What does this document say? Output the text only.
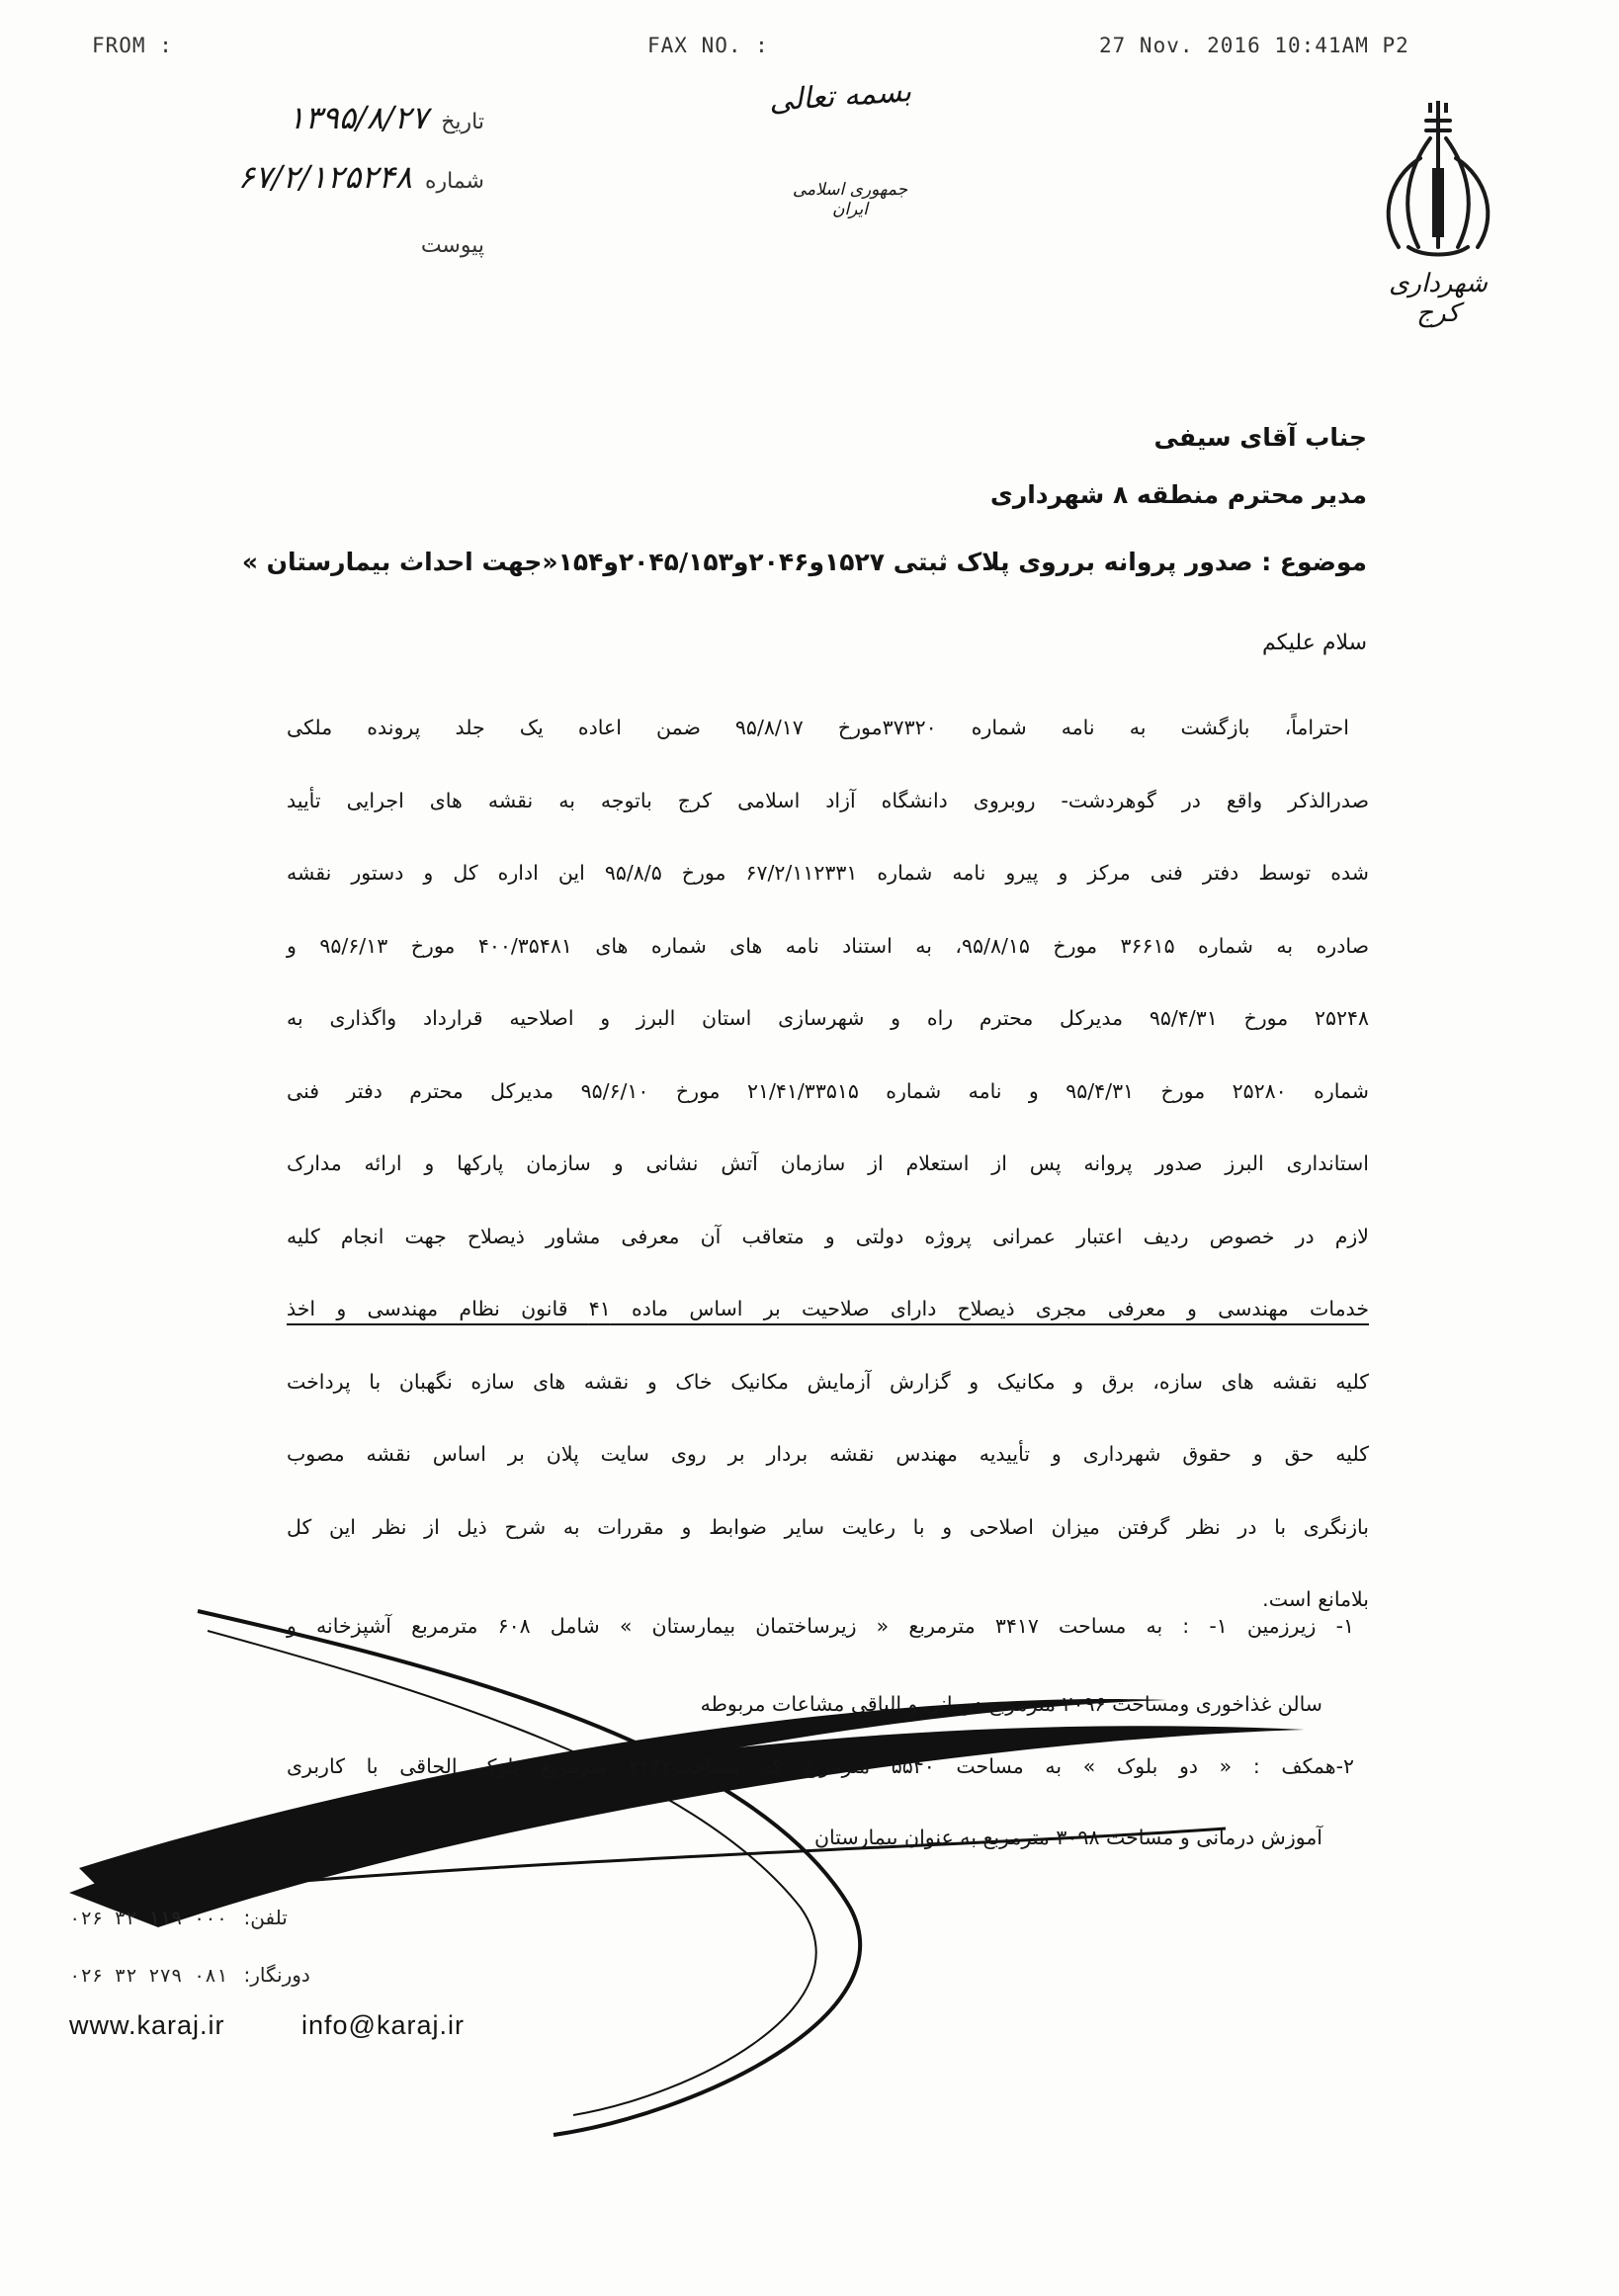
FROM :	FAX NO. :	27 Nov. 2016 10:41AM P2
تاریخ ۱۳۹۵/۸/۲۷
شماره ۶۷/۲/۱۲۵۲۴۸
پیوست
بسمه تعالی
جمهوری اسلامی ایران
شهرداری کرج
جناب آقای سیفی
مدیر محترم منطقه ۸ شهرداری
موضوع : صدور پروانه برروی پلاک ثبتی ۱۵۲۷و۲۰۴۶و۲۰۴۵/۱۵۳و۱۵۴«جهت احداث بیمارستان »
سلام علیکم

احتراماً، بازگشت به نامه شماره ۳۷۳۲۰مورخ ۹۵/۸/۱۷ ضمن اعاده یک جلد پرونده ملکی

صدرالذکر واقع در گوهردشت- روبروی دانشگاه آزاد اسلامی کرج باتوجه به نقشه های اجرایی تأیید

شده توسط دفتر فنی مرکز و پیرو نامه شماره ۶۷/۲/۱۱۲۳۳۱ مورخ ۹۵/۸/۵ این اداره کل و دستور نقشه

صادره به شماره ۳۶۶۱۵ مورخ ۹۵/۸/۱۵، به استناد نامه های شماره های ۴۰۰/۳۵۴۸۱ مورخ ۹۵/۶/۱۳ و

۲۵۲۴۸ مورخ ۹۵/۴/۳۱ مدیرکل محترم راه و شهرسازی استان البرز و اصلاحیه قرارداد واگذاری به

شماره ۲۵۲۸۰ مورخ ۹۵/۴/۳۱ و نامه شماره ۲۱/۴۱/۳۳۵۱۵ مورخ ۹۵/۶/۱۰ مدیرکل محترم دفتر فنی

استانداری البرز صدور پروانه پس از استعلام از سازمان آتش نشانی و سازمان پارکها و ارائه مدارک

لازم در خصوص ردیف اعتبار عمرانی پروژه دولتی و متعاقب آن معرفی مشاور ذیصلاح جهت انجام کلیه

خدمات مهندسی و معرفی مجری ذیصلاح دارای صلاحیت بر اساس ماده ۴۱ قانون نظام مهندسی و اخذ

کلیه نقشه های سازه، برق و مکانیک و گزارش آزمایش مکانیک خاک و نقشه های سازه نگهبان با پرداخت

کلیه حق و حقوق شهرداری و تأییدیه مهندس نقشه بردار بر روی سایت پلان بر اساس نقشه مصوب

بازنگری با در نظر گرفتن میزان اصلاحی و با رعایت سایر ضوابط و مقررات به شرح ذیل از نظر این کل

بلامانع است.

۱- زیرزمین ۱- : به مساحت ۳۴۱۷ مترمربع « زیرساختمان بیمارستان » شامل ۶۰۸ مترمربع آشپزخانه و
سالن غذاخوری ومساحت ۲۰۹۶ مترمربع درمانی و الباقی مشاعات مربوطه
۲-همکف : « دو بلوک » به مساحت ۵۵۴۰ مترمربع که مساحت۲۴۴۲ مترمربع بلوک الحاقی با کاربری
آموزش درمانی و مساحت ۳۰۹۸ مترمربع به عنوان بیمارستان
۰۲۶ ۳۲ ۱۱۹ ۰۰۰ تلفن:
۰۲۶ ۳۲ ۲۷۹ ۰۸۱ دورنگار:
www.karaj.ir	info@karaj.ir
